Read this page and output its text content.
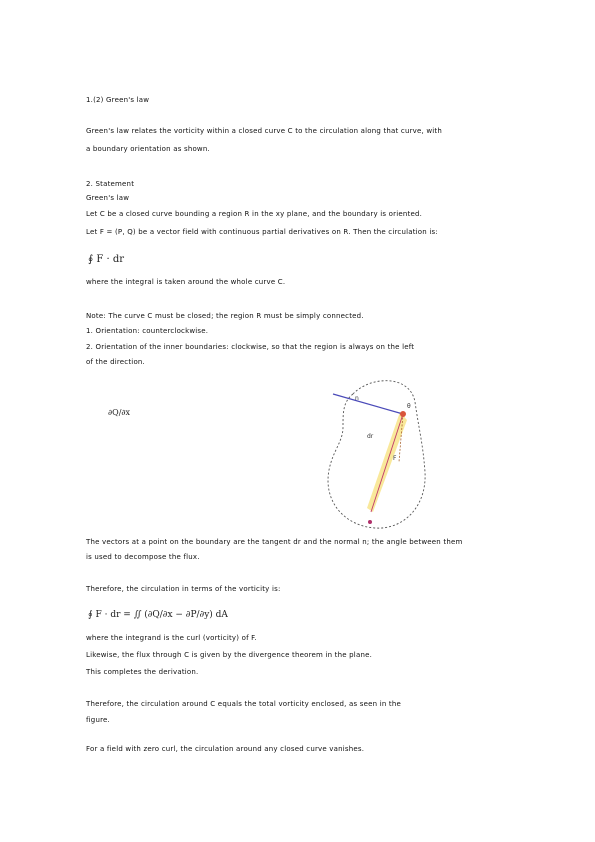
1.(2) Green's law
Green's law relates the vorticity within a closed curve C to the circulation along that curve, with
a boundary orientation as shown.
2. Statement
Green's law
Let C be a closed curve bounding a region R in the xy plane, and the boundary is oriented.
Let F = (P, Q) be a vector field with continuous partial derivatives on R. Then the circulation is:
∮ F · dr
where the integral is taken around the whole curve C.
Note: The curve C must be closed; the region R must be simply connected.
1. Orientation: counterclockwise.
2. Orientation of the inner boundaries: clockwise, so that the region is always on the left
of the direction.
∂Q/∂x
n
dr
F
θ
The vectors at a point on the boundary are the tangent dr and the normal n; the angle between them
is used to decompose the flux.
Therefore, the circulation in terms of the vorticity is:
∮ F · dr = ∬ (∂Q/∂x − ∂P/∂y) dA
where the integrand is the curl (vorticity) of F.
Likewise, the flux through C is given by the divergence theorem in the plane.
This completes the derivation.
Therefore, the circulation around C equals the total vorticity enclosed, as seen in the
figure.
For a field with zero curl, the circulation around any closed curve vanishes.
